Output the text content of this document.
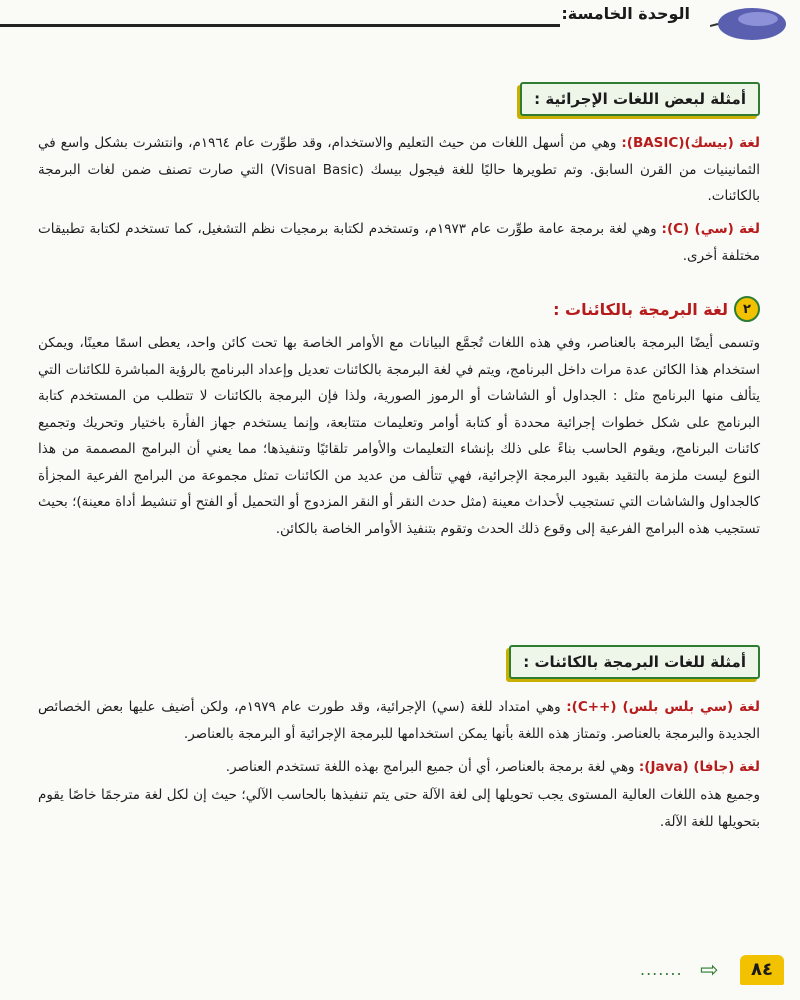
الوحدة الخامسة:
أمثلة لبعض اللغات الإجرائية :
لغة (بيسك)(BASIC): وهي من أسهل اللغات من حيث التعليم والاستخدام، وقد طوِّرت عام ١٩٦٤م، وانتشرت بشكل واسع في الثمانينيات من القرن السابق. وتم تطويرها حاليًا للغة فيجول بيسك (Visual Basic) التي صارت تصنف ضمن لغات البرمجة بالكائنات.
لغة (سي) (C): وهي لغة برمجة عامة طوِّرت عام ١٩٧٣م، وتستخدم لكتابة برمجيات نظم التشغيل، كما تستخدم لكتابة تطبيقات مختلفة أخرى.
٢
لغة البرمجة بالكائنات :
وتسمى أيضًا البرمجة بالعناصر، وفي هذه اللغات تُجمَّع البيانات مع الأوامر الخاصة بها تحت كائن واحد، يعطى اسمًا معينًا، ويمكن استخدام هذا الكائن عدة مرات داخل البرنامج، ويتم في لغة البرمجة بالكائنات تعديل وإعداد البرنامج بالرؤية المباشرة للكائنات التي يتألف منها البرنامج مثل : الجداول أو الشاشات أو الرموز الصورية، ولذا فإن البرمجة بالكائنات لا تتطلب من المستخدم كتابة البرنامج على شكل خطوات إجرائية محددة أو كتابة أوامر وتعليمات متتابعة، وإنما يستخدم جهاز الفأرة باختيار وتحريك وتجميع كائنات البرنامج، ويقوم الحاسب بناءً على ذلك بإنشاء التعليمات والأوامر تلقائيًا وتنفيذها؛ مما يعني أن البرامج المصممة من هذا النوع ليست ملزمة بالتقيد بقيود البرمجة الإجرائية، فهي تتألف من عديد من الكائنات تمثل مجموعة من البرامج الفرعية المجزأة كالجداول والشاشات التي تستجيب لأحداث معينة (مثل حدث النقر أو النقر المزدوج أو التحميل أو الفتح أو تنشيط أداة معينة)؛ بحيث تستجيب هذه البرامج الفرعية إلى وقوع ذلك الحدث وتقوم بتنفيذ الأوامر الخاصة بالكائن.
أمثلة للغات البرمجة بالكائنات :
لغة (سي بلس بلس) (++C): وهي امتداد للغة (سي) الإجرائية، وقد طورت عام ١٩٧٩م، ولكن أضيف عليها بعض الخصائص الجديدة والبرمجة بالعناصر. وتمتاز هذه اللغة بأنها يمكن استخدامها للبرمجة الإجرائية أو البرمجة بالعناصر.
لغة (جافا) (Java): وهي لغة برمجة بالعناصر، أي أن جميع البرامج بهذه اللغة تستخدم العناصر.
وجميع هذه اللغات العالية المستوى يجب تحويلها إلى لغة الآلة حتى يتم تنفيذها بالحاسب الآلي؛ حيث إن لكل لغة مترجمًا خاصًا يقوم بتحويلها للغة الآلة.
....... ⇨	٨٤
